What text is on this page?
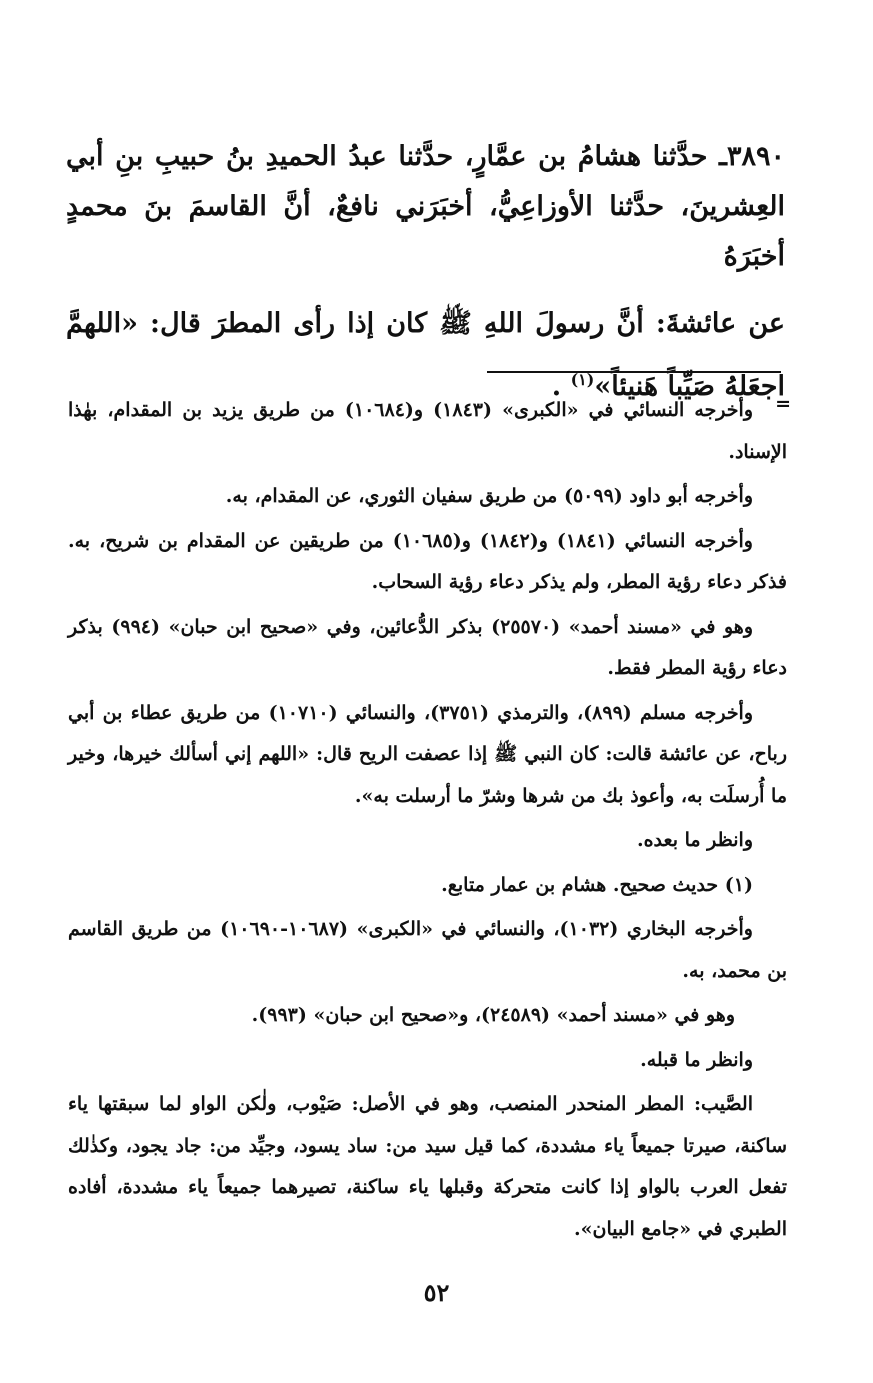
٣٨٩٠ـ حدَّثنا هشامُ بن عمَّارٍ، حدَّثنا عبدُ الحميدِ بنُ حبيبِ بنِ أبي العِشرينَ، حدَّثنا الأوزاعِيُّ، أخبَرَني نافعٌ، أنَّ القاسمَ بنَ محمدٍ أخبَرَهُ

عن عائشةَ: أنَّ رسولَ اللهِ ﷺ كان إذا رأى المطرَ قال: «اللهمَّ اجعَلهُ صَيِّباً هَنيئاً»$^{(١)}$ .

=

وأخرجه النسائي في «الكبرى» (١٨٤٣) و(١٠٦٨٤) من طريق يزيد بن المقدام، بهٰذا الإسناد.

وأخرجه أبو داود (٥٠٩٩) من طريق سفيان الثوري، عن المقدام، به.

وأخرجه النسائي (١٨٤١) و(١٨٤٢) و(١٠٦٨٥) من طريقين عن المقدام بن شريح، به. فذكر دعاء رؤية المطر، ولم يذكر دعاء رؤية السحاب.

وهو في «مسند أحمد» (٢٥٥٧٠) بذكر الدُّعائين، وفي «صحيح ابن حبان» (٩٩٤) بذكر دعاء رؤية المطر فقط.

وأخرجه مسلم (٨٩٩)، والترمذي (٣٧٥١)، والنسائي (١٠٧١٠) من طريق عطاء بن أبي رباح، عن عائشة قالت: كان النبي ﷺ إذا عصفت الريح قال: «اللهم إني أسألك خيرها، وخير ما أُرسلَت به، وأعوذ بك من شرها وشرّ ما أرسلت به».

وانظر ما بعده.

(١) حديث صحيح. هشام بن عمار متابع.

وأخرجه البخاري (١٠٣٢)، والنسائي في «الكبرى» (١٠٦٨٧-١٠٦٩٠) من طريق القاسم بن محمد، به.

وهو في «مسند أحمد» (٢٤٥٨٩)، و«صحيح ابن حبان» (٩٩٣).

وانظر ما قبله.

الصَّيب: المطر المنحدر المنصب، وهو في الأصل: صَيْوب، ولٰكن الواو لما سبقتها ياء ساكنة، صيرتا جميعاً ياء مشددة، كما قيل سيد من: ساد يسود، وجيِّد من: جاد يجود، وكذٰلك تفعل العرب بالواو إذا كانت متحركة وقبلها ياء ساكنة، تصيرهما جميعاً ياء مشددة، أفاده الطبري في «جامع البيان».

٥٢
